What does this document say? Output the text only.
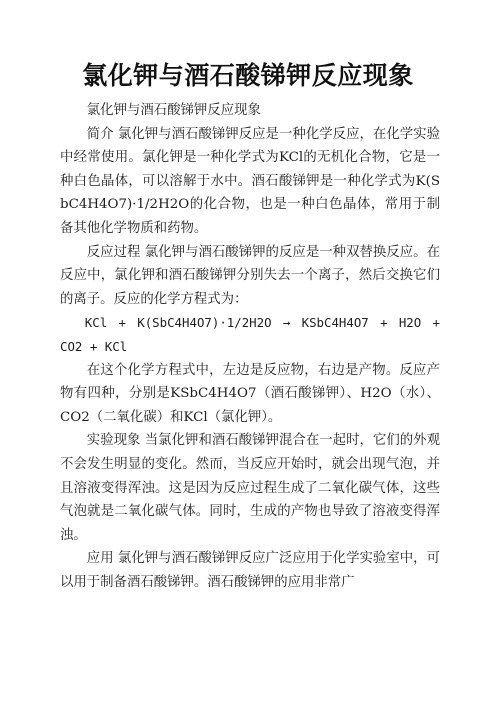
氯化钾与酒石酸锑钾反应现象

氯化钾与酒石酸锑钾反应现象

简介 氯化钾与酒石酸锑钾反应是一种化学反应，在化学实验中经常使用。氯化钾是一种化学式为KCl的无机化合物，它是一种白色晶体，可以溶解于水中。酒石酸锑钾是一种化学式为K(SbC4H4O7)·1/2H2O的化合物，也是一种白色晶体，常用于制备其他化学物质和药物。

反应过程 氯化钾与酒石酸锑钾的反应是一种双替换反应。在反应中，氯化钾和酒石酸锑钾分别失去一个离子，然后交换它们的离子。反应的化学方程式为：

KCl + K(SbC4H4O7)·1/2H2O → KSbC4H4O7 + H2O + CO2 + KCl

在这个化学方程式中，左边是反应物，右边是产物。反应产物有四种，分别是KSbC4H4O7（酒石酸锑钾）、H2O（水）、CO2（二氧化碳）和KCl（氯化钾）。

实验现象 当氯化钾和酒石酸锑钾混合在一起时，它们的外观不会发生明显的变化。然而，当反应开始时，就会出现气泡，并且溶液变得浑浊。这是因为反应过程生成了二氧化碳气体，这些气泡就是二氧化碳气体。同时，生成的产物也导致了溶液变得浑浊。

应用 氯化钾与酒石酸锑钾反应广泛应用于化学实验室中，可以用于制备酒石酸锑钾。酒石酸锑钾的应用非常广
